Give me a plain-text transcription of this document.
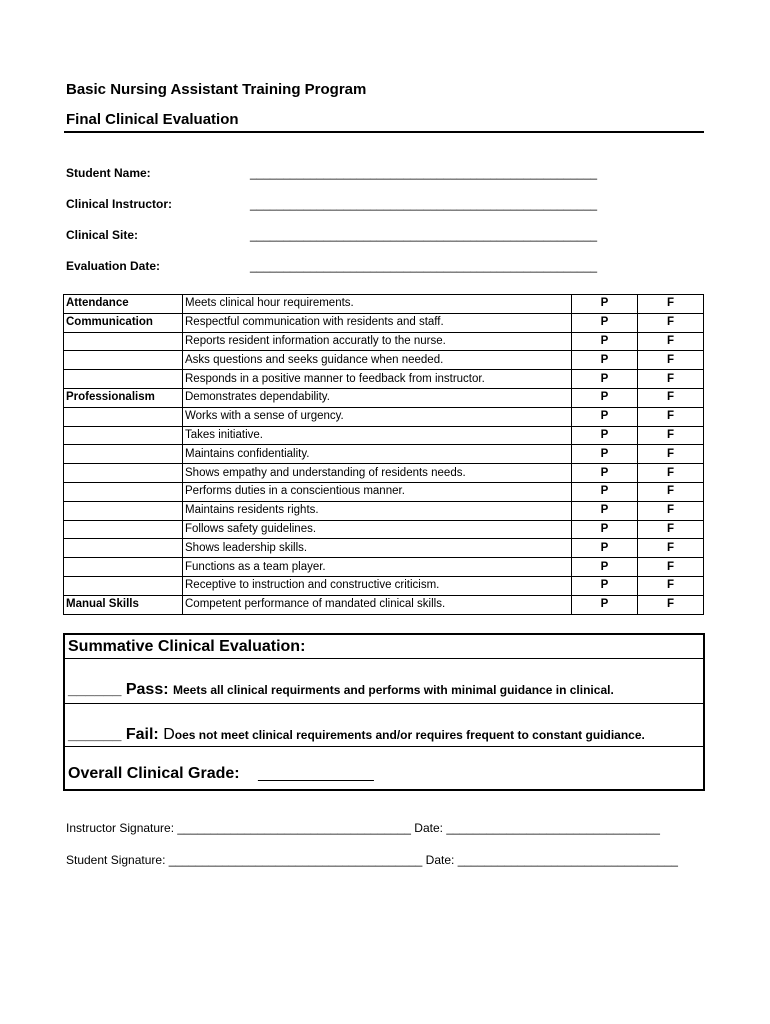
Basic Nursing Assistant Training Program
Final Clinical Evaluation
Student Name:	____________________________________________________
Clinical Instructor:	____________________________________________________
Clinical Site:	____________________________________________________
Evaluation Date:	____________________________________________________
Attendance	Meets clinical hour requirements.	P	F
Communication	Respectful communication with residents and staff.	P	F
	Reports resident information accuratly to the nurse.	P	F
	Asks questions and seeks guidance when needed.	P	F
	Responds in a positive manner to feedback from instructor.	P	F
Professionalism	Demonstrates dependability.	P	F
	Works with a sense of urgency.	P	F
	Takes initiative.	P	F
	Maintains confidentiality.	P	F
	Shows empathy and understanding of residents needs.	P	F
	Performs duties in a conscientious manner.	P	F
	Maintains residents rights.	P	F
	Follows safety guidelines.	P	F
	Shows leadership skills.	P	F
	Functions as a team player.	P	F
	Receptive to instruction and constructive criticism.	P	F
Manual Skills	Competent performance of mandated clinical skills.	P	F
Summative Clinical Evaluation:
______ Pass: Meets all clinical requirments and performs with minimal guidance in clinical.
______ Fail: Does not meet clinical requirements and/or requires frequent to constant guidiance.
Overall Clinical Grade: _____________
Instructor Signature: ___________________________________ Date: ________________________________
Student Signature: ______________________________________ Date: _________________________________
